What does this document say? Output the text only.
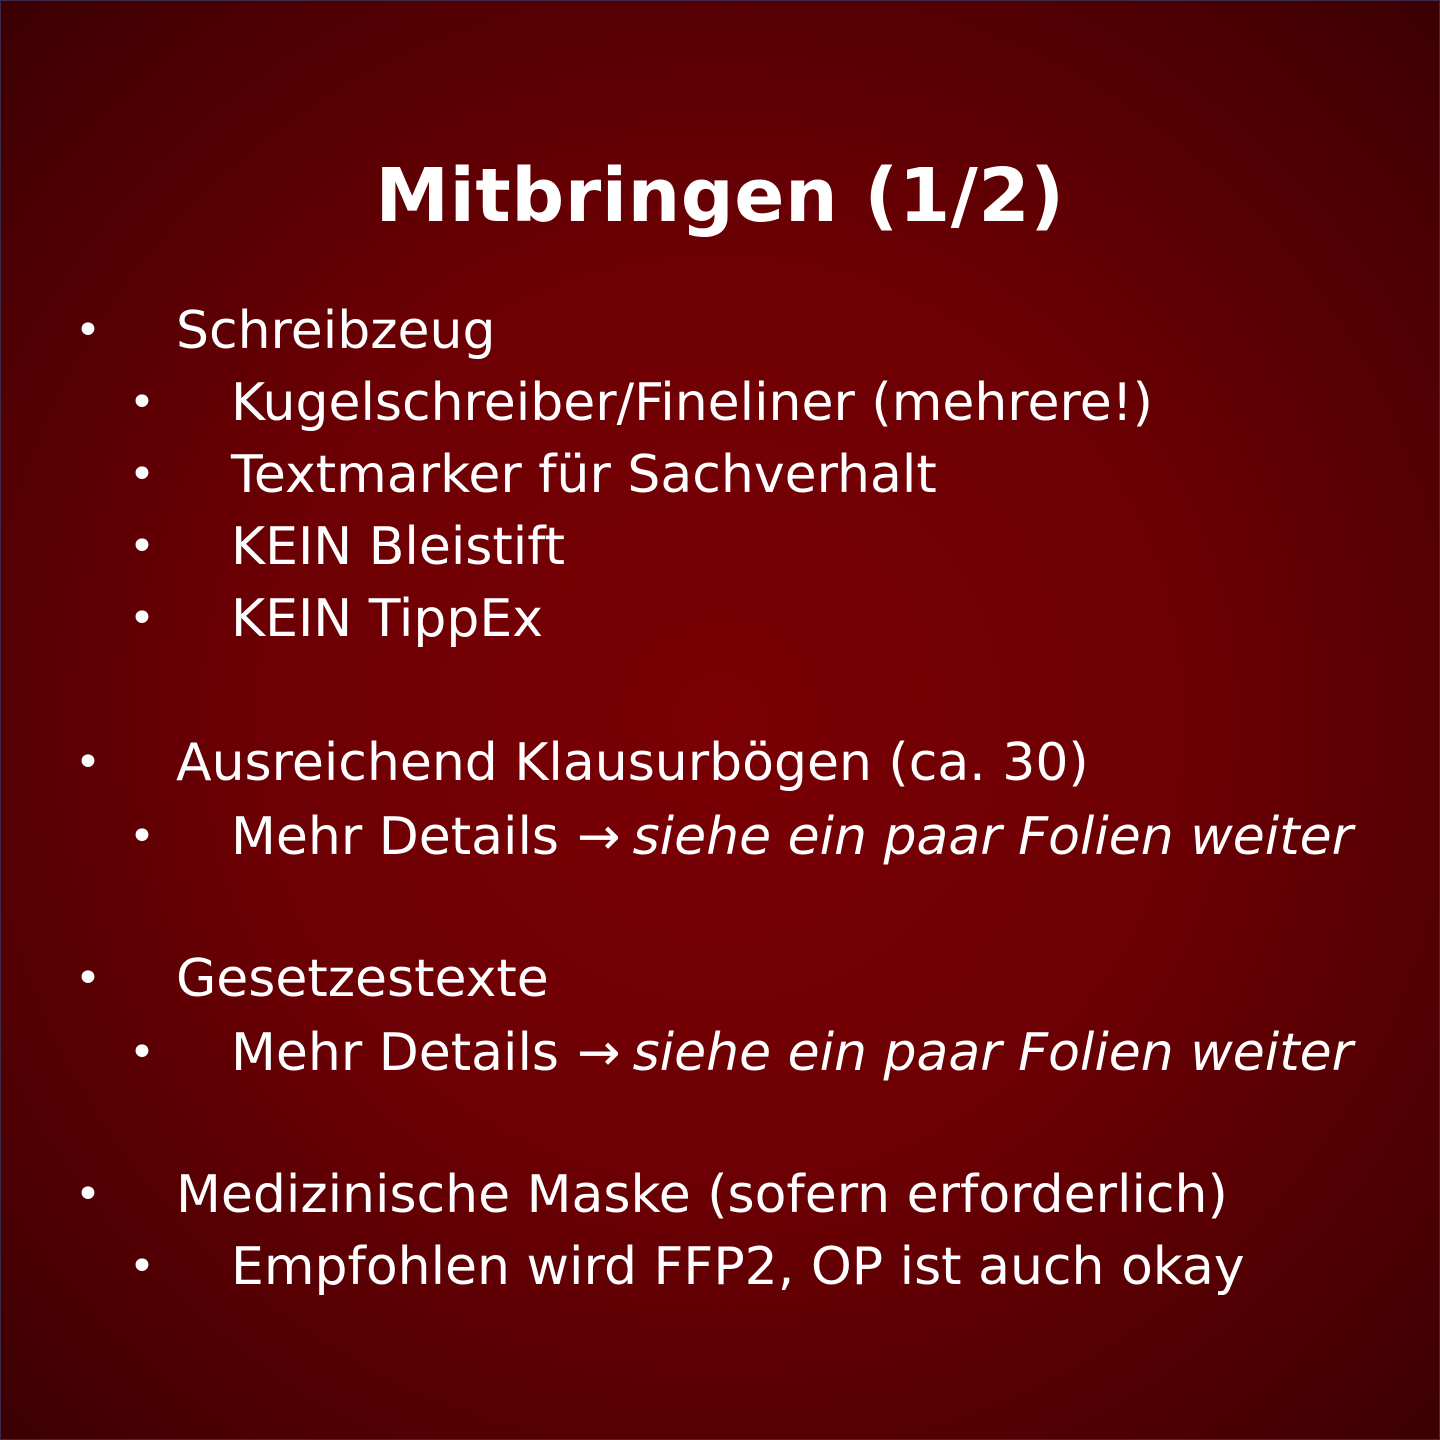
Mitbringen (1/2)
• Schreibzeug
• Kugelschreiber/Fineliner (mehrere!)
• Textmarker für Sachverhalt
• KEIN Bleistift
• KEIN TippEx
• Ausreichend Klausurbögen (ca. 30)
• Mehr Details → siehe ein paar Folien weiter
• Gesetzestexte
• Mehr Details → siehe ein paar Folien weiter
• Medizinische Maske (sofern erforderlich)
• Empfohlen wird FFP2, OP ist auch okay
